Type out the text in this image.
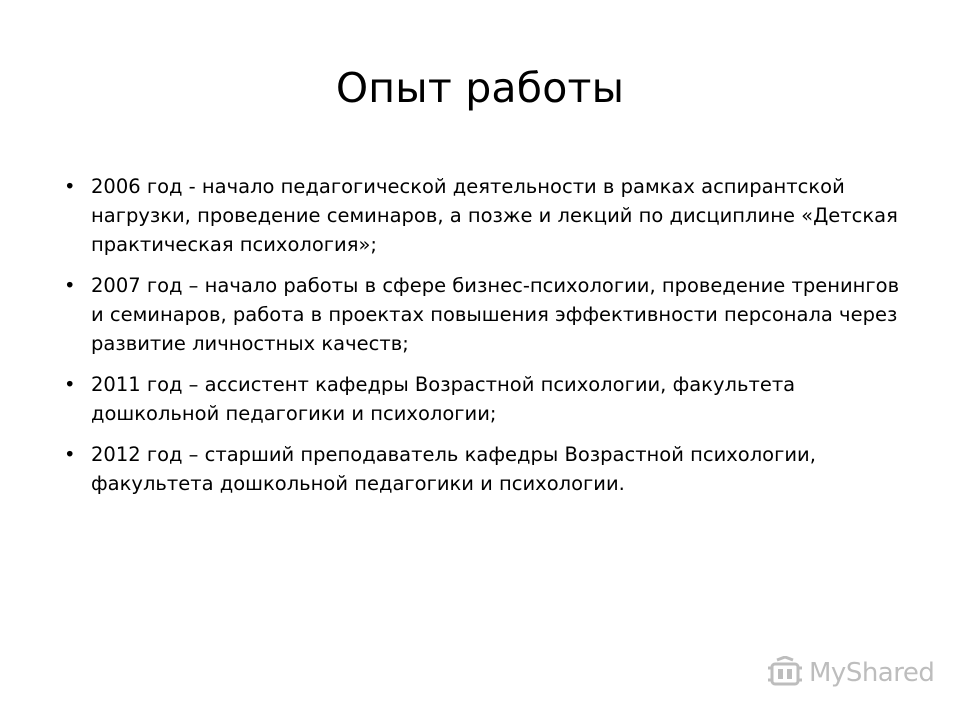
Опыт работы
• 2006 год - начало педагогической деятельности в рамках аспирантской нагрузки, проведение семинаров, а позже и лекций по дисциплине «Детская практическая психология»;
• 2007 год – начало работы в сфере бизнес-психологии, проведение тренингов и семинаров, работа в проектах повышения эффективности персонала через развитие личностных качеств;
• 2011 год – ассистент кафедры Возрастной психологии, факультета дошкольной педагогики и психологии;
• 2012 год – старший преподаватель кафедры Возрастной психологии, факультета дошкольной педагогики и психологии.
MyShared
